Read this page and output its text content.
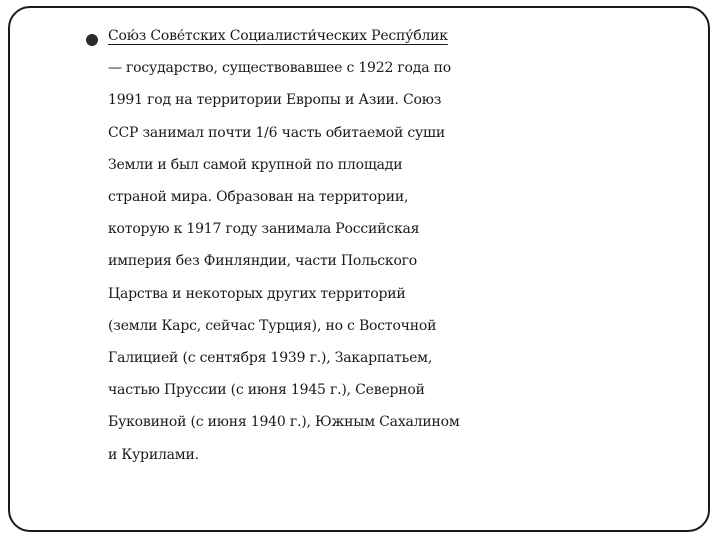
Сою́з Сове́тских Социалисти́ческих Респу́блик
— государство, существовавшее с 1922 года по
1991 год на территории Европы и Азии. Союз
ССР занимал почти 1/6 часть обитаемой суши
Земли и был самой крупной по площади
страной мира. Образован на территории,
которую к 1917 году занимала Российская
империя без Финляндии, части Польского
Царства и некоторых других территорий
(земли Карс, сейчас Турция), но с Восточной
Галицией (с сентября 1939 г.), Закарпатьем,
частью Пруссии (с июня 1945 г.), Северной
Буковиной (с июня 1940 г.), Южным Сахалином
и Курилами.
